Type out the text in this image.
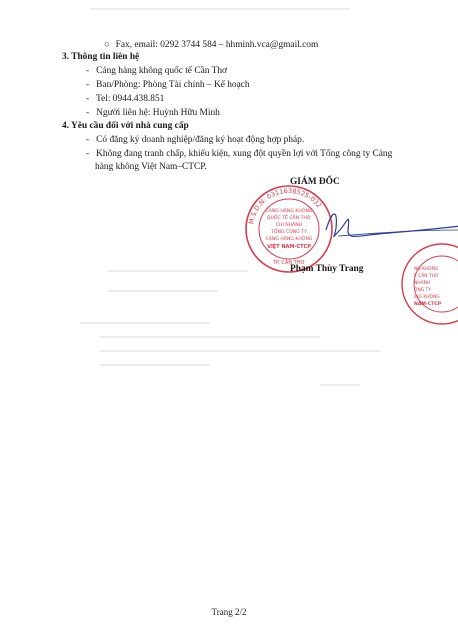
○ Fax, email: 0292 3744 584 – hhminh.vca@gmail.com
3. Thông tin liên hệ
-   Cảng hàng không quốc tế Cần Thơ
-   Ban/Phòng: Phòng Tài chính – Kế hoạch
-   Tel: 0944.438.851
-   Người liên hệ: Huỳnh Hữu Minh
4. Yêu cầu đối với nhà cung cấp
-   Có đăng ký doanh nghiệp/đăng ký hoạt động hợp pháp.
-   Không đang tranh chấp, khiếu kiện, xung đột quyền lợi với Tổng công ty Cảng
hàng không Việt Nam–CTCP.
GIÁM ĐỐC
M.S.D.N: 0311638525-032
CẢNG HÀNG KHÔNG
QUỐC TẾ CẦN THƠ
CHI NHÁNH
TỔNG CÔNG TY
CẢNG HÀNG KHÔNG
VIỆT NAM-CTCP
TP. CẦN THƠ
Phạm Thùy Trang	NG KHÔNG
Ế CẦN THƠ
NHÁNH
ÔNG TY
ING KHÔNG
NAM-CTCP
Trang 2/2
